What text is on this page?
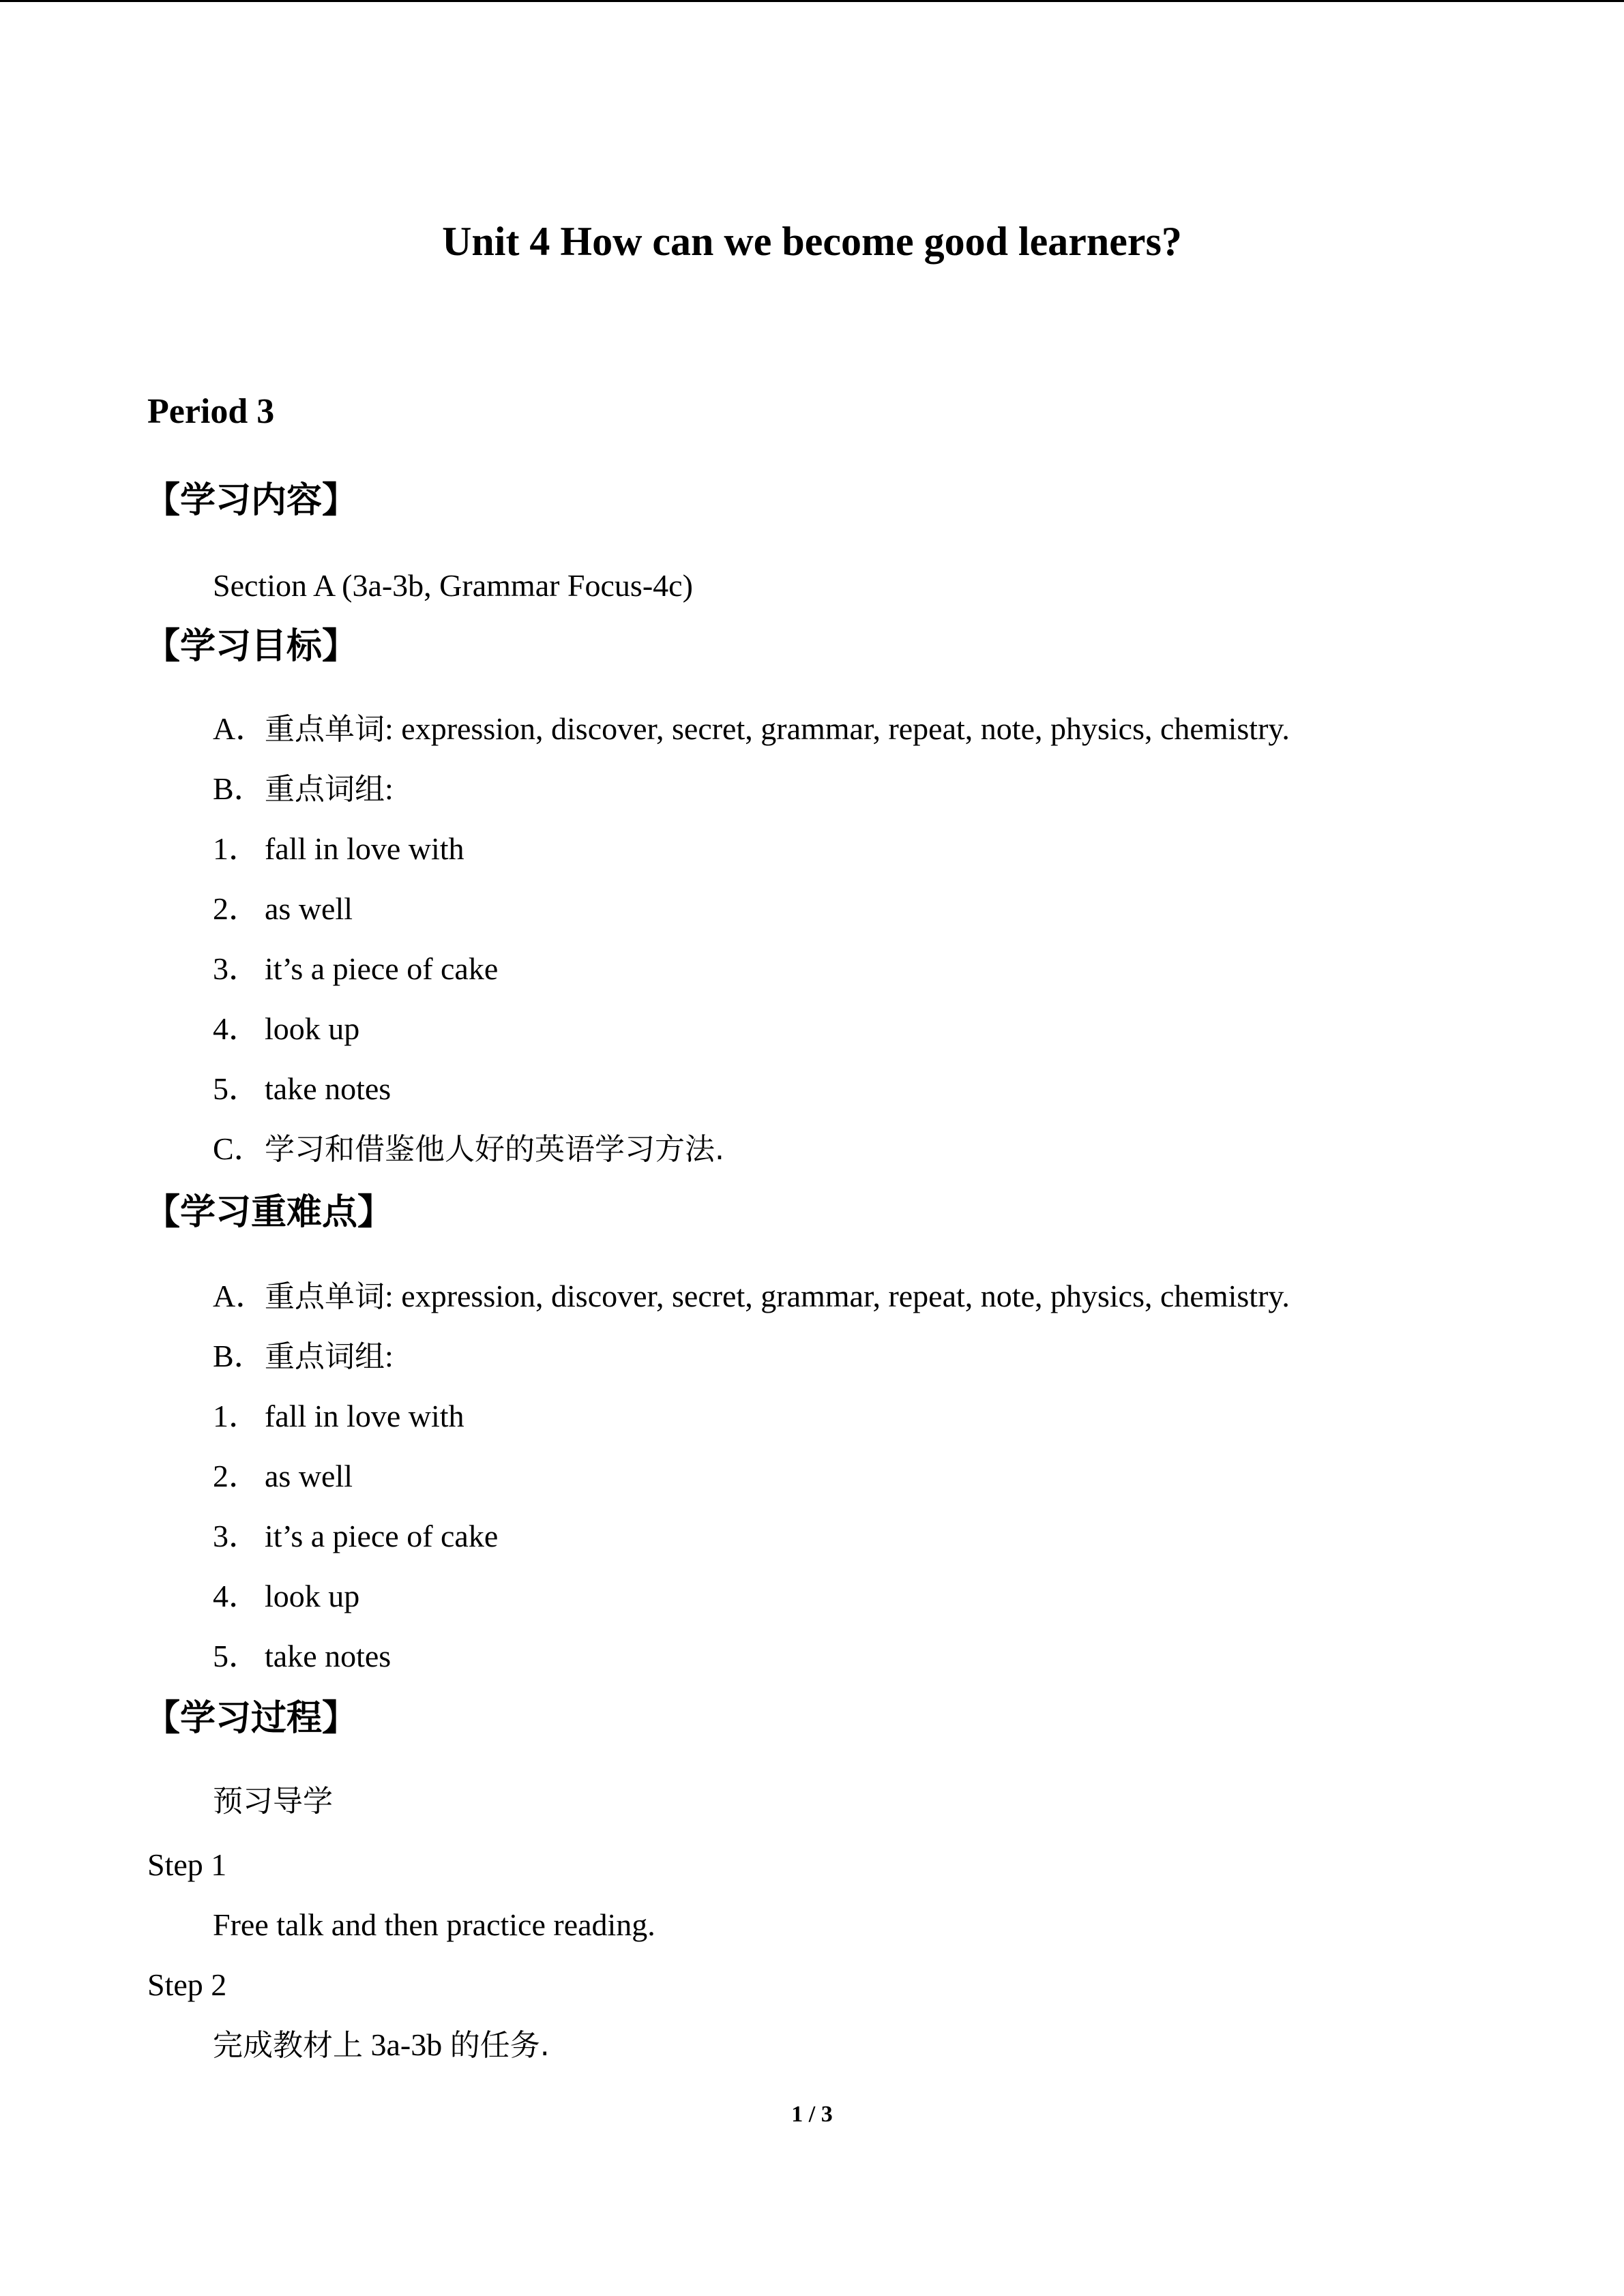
Unit 4 How can we become good learners?
Period 3
【学习内容】
Section A (3a-3b, Grammar Focus-4c)
【学习目标】
A．重点单词: expression, discover, secret, grammar, repeat, note, physics, chemistry.
B．重点词组:
1． fall in love with
2． as well
3． it’s a piece of cake
4． look up
5． take notes
C．学习和借鉴他人好的英语学习方法.
【学习重难点】
A．重点单词: expression, discover, secret, grammar, repeat, note, physics, chemistry.
B．重点词组:
1． fall in love with
2． as well
3． it’s a piece of cake
4． look up
5． take notes
【学习过程】
预习导学
Step 1
Free talk and then practice reading.
Step 2
完成教材上 3a-3b 的任务.
1 / 3
